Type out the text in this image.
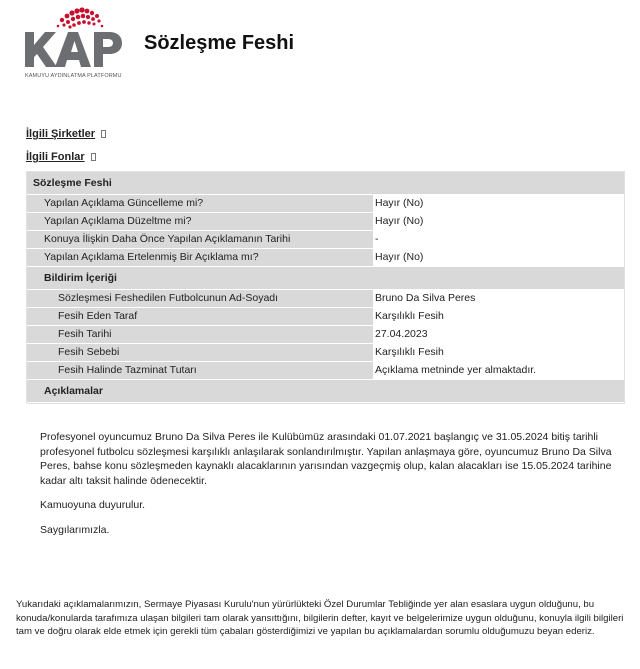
KAMUYU AYDINLATMA PLATFORMU
Sözleşme Feshi
İlgili Şirketler
İlgili Fonlar
Sözleşme Feshi
Yapılan Açıklama Güncelleme mi?	Hayır (No)
Yapılan Açıklama Düzeltme mi?	Hayır (No)
Konuya İlişkin Daha Önce Yapılan Açıklamanın Tarihi	-
Yapılan Açıklama Ertelenmiş Bir Açıklama mı?	Hayır (No)
Bildirim İçeriği
Sözleşmesi Feshedilen Futbolcunun Ad-Soyadı	Bruno Da Silva Peres
Fesih Eden Taraf	Karşılıklı Fesih
Fesih Tarihi	27.04.2023
Fesih Sebebi	Karşılıklı Fesih
Fesih Halinde Tazminat Tutarı	Açıklama metninde yer almaktadır.
Açıklamalar

Profesyonel oyuncumuz Bruno Da Silva Peres ile Kulübümüz arasındaki 01.07.2021 başlangıç ve 31.05.2024 bitiş tarihli profesyonel futbolcu sözleşmesi karşılıklı anlaşılarak sonlandırılmıştır. Yapılan anlaşmaya göre, oyuncumuz Bruno Da Silva Peres, bahse konu sözleşmeden kaynaklı alacaklarının yarısından vazgeçmiş olup, kalan alacakları ise 15.05.2024 tarihine kadar altı taksit halinde ödenecektir.

Kamuoyuna duyurulur.

Saygılarımızla.

Yukarıdaki açıklamalarımızın, Sermaye Piyasası Kurulu'nun yürürlükteki Özel Durumlar Tebliğinde yer alan esaslara uygun olduğunu, bu konuda/konularda tarafımıza ulaşan bilgileri tam olarak yansıttığını, bilgilerin defter, kayıt ve belgelerimize uygun olduğunu, konuyla ilgili bilgileri tam ve doğru olarak elde etmek için gerekli tüm çabaları gösterdiğimizi ve yapılan bu açıklamalardan sorumlu olduğumuzu beyan ederiz.
